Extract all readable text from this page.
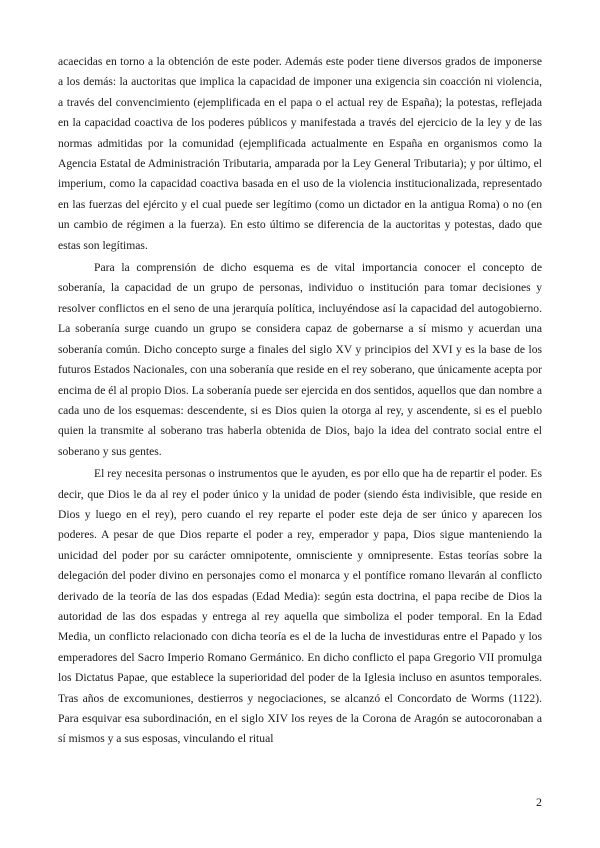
acaecidas en torno a la obtención de este poder. Además este poder tiene diversos grados de imponerse a los demás: la auctoritas que implica la capacidad de imponer una exigencia sin coacción ni violencia, a través del convencimiento (ejemplificada en el papa o el actual rey de España); la potestas, reflejada en la capacidad coactiva de los poderes públicos y manifestada a través del ejercicio de la ley y de las normas admitidas por la comunidad (ejemplificada actualmente en España en organismos como la Agencia Estatal de Administración Tributaria, amparada por la Ley General Tributaria); y por último, el imperium, como la capacidad coactiva basada en el uso de la violencia institucionalizada, representado en las fuerzas del ejército y el cual puede ser legítimo (como un dictador en la antigua Roma) o no (en un cambio de régimen a la fuerza). En esto último se diferencia de la auctoritas y potestas, dado que estas son legítimas.

Para la comprensión de dicho esquema es de vital importancia conocer el concepto de soberanía, la capacidad de un grupo de personas, individuo o institución para tomar decisiones y resolver conflictos en el seno de una jerarquía política, incluyéndose así la capacidad del autogobierno. La soberanía surge cuando un grupo se considera capaz de gobernarse a sí mismo y acuerdan una soberanía común. Dicho concepto surge a finales del siglo XV y principios del XVI y es la base de los futuros Estados Nacionales, con una soberanía que reside en el rey soberano, que únicamente acepta por encima de él al propio Dios. La soberanía puede ser ejercida en dos sentidos, aquellos que dan nombre a cada uno de los esquemas: descendente, si es Dios quien la otorga al rey, y ascendente, si es el pueblo quien la transmite al soberano tras haberla obtenida de Dios, bajo la idea del contrato social entre el soberano y sus gentes.

El rey necesita personas o instrumentos que le ayuden, es por ello que ha de repartir el poder. Es decir, que Dios le da al rey el poder único y la unidad de poder (siendo ésta indivisible, que reside en Dios y luego en el rey), pero cuando el rey reparte el poder este deja de ser único y aparecen los poderes. A pesar de que Dios reparte el poder a rey, emperador y papa, Dios sigue manteniendo la unicidad del poder por su carácter omnipotente, omnisciente y omnipresente. Estas teorías sobre la delegación del poder divino en personajes como el monarca y el pontífice romano llevarán al conflicto derivado de la teoría de las dos espadas (Edad Media): según esta doctrina, el papa recibe de Dios la autoridad de las dos espadas y entrega al rey aquella que simboliza el poder temporal. En la Edad Media, un conflicto relacionado con dicha teoría es el de la lucha de investiduras entre el Papado y los emperadores del Sacro Imperio Romano Germánico. En dicho conflicto el papa Gregorio VII promulga los Dictatus Papae, que establece la superioridad del poder de la Iglesia incluso en asuntos temporales. Tras años de excomuniones, destierros y negociaciones, se alcanzó el Concordato de Worms (1122). Para esquivar esa subordinación, en el siglo XIV los reyes de la Corona de Aragón se autocoronaban a sí mismos y a sus esposas, vinculando el ritual

2
